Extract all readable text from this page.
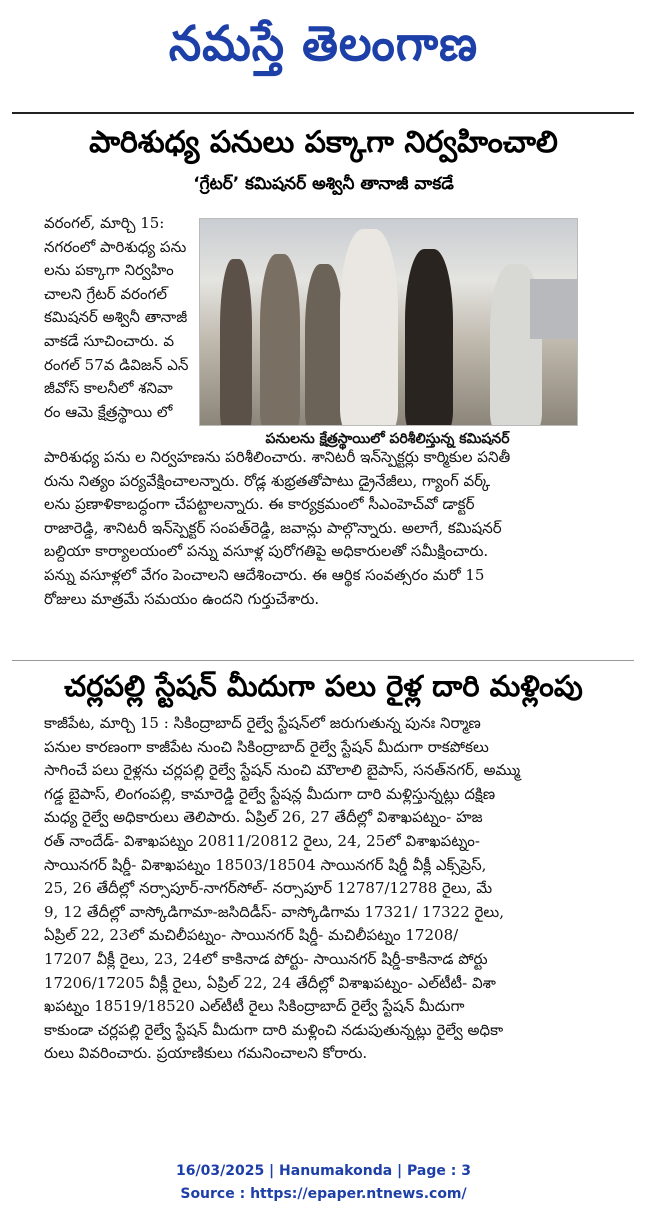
నమస్తే తెలంగాణ
పారిశుధ్య పనులు పక్కాగా నిర్వహించాలి
‘గ్రేటర్’ కమిషనర్ అశ్వినీ తానాజీ వాకడే

వరంగల్, మార్చి 15:

నగరంలో పారిశుధ్య పను

లను పక్కాగా నిర్వహిం

చాలని గ్రేటర్ వరంగల్

కమిషనర్ అశ్వినీ తానాజీ

వాకడే సూచించారు. వ

రంగల్ 57వ డివిజన్ ఎన్

జీవోస్ కాలనీలో శనివా

రం ఆమె క్షేత్రస్థాయి లో

పనులను క్షేత్రస్థాయిలో పరిశీలిస్తున్న కమిషనర్

పారిశుధ్య పను ల నిర్వహణను పరిశీలించారు. శానిటరీ ఇన్‌స్పెక్టర్లు కార్మికుల పనితీ

రును నిత్యం పర్యవేక్షించాలన్నారు. రోడ్ల శుభ్రతతోపాటు డ్రైనేజీలు, గ్యాంగ్ వర్క్

లను ప్రణాళికాబద్ధంగా చేపట్టాలన్నారు. ఈ కార్యక్రమంలో సీఎంహెచ్‌వో డాక్టర్

రాజారెడ్డి, శానిటరీ ఇన్‌స్పెక్టర్ సంపత్‌రెడ్డి, జవాన్లు పాల్గొన్నారు. అలాగే, కమిషనర్

బల్దియా కార్యాలయంలో పన్ను వసూళ్ల పురోగతిపై అధికారులతో సమీక్షించారు.

పన్ను వసూళ్లలో వేగం పెంచాలని ఆదేశించారు. ఈ ఆర్థిక సంవత్సరం మరో 15

రోజులు మాత్రమే సమయం ఉందని గుర్తుచేశారు.

చర్లపల్లి స్టేషన్ మీదుగా పలు రైళ్ల దారి మళ్లింపు

కాజీపేట, మార్చి 15 : సికింద్రాబాద్ రైల్వే స్టేషన్‌లో జరుగుతున్న పునః నిర్మాణ

పనుల కారణంగా కాజీపేట నుంచి సికింద్రాబాద్ రైల్వే స్టేషన్ మీదుగా రాకపోకలు

సాగించే పలు రైళ్లను చర్లపల్లి రైల్వే స్టేషన్ నుంచి మౌలాలి బైపాస్, సనత్‌నగర్, అమ్ము

గడ్డ బైపాస్, లింగంపల్లి, కామారెడ్డి రైల్వే స్టేషన్ల మీదుగా దారి మళ్లిస్తున్నట్లు దక్షిణ

మధ్య రైల్వే అధికారులు తెలిపారు. ఏప్రిల్ 26, 27 తేదీల్లో విశాఖపట్నం- హజ

రత్ నాందేడ్- విశాఖపట్నం 20811/20812 రైలు, 24, 25లో విశాఖపట్నం-

సాయినగర్ షిర్డీ- విశాఖపట్నం 18503/18504 సాయినగర్ షిర్డీ వీక్లీ ఎక్స్‌ప్రెస్,

25, 26 తేదీల్లో నర్సాపూర్-నాగర్‌సోల్- నర్సాపూర్ 12787/12788 రైలు, మే

9, 12 తేదీల్లో వాస్కోడిగామా-జసిదిడీస్- వాస్కోడిగామ 17321/ 17322 రైలు,

ఏప్రిల్ 22, 23లో మచిలీపట్నం- సాయినగర్ షిర్డీ- మచిలీపట్నం 17208/

17207 వీక్లీ రైలు, 23, 24లో కాకినాడ పోర్టు- సాయినగర్ షిర్డీ-కాకినాడ పోర్టు

17206/17205 వీక్లీ రైలు, ఏప్రిల్ 22, 24 తేదీల్లో విశాఖపట్నం- ఎల్‌టీటీ- విశా

ఖపట్నం 18519/18520 ఎల్‌టీటీ రైలు సికింద్రాబాద్ రైల్వే స్టేషన్ మీదుగా

కాకుండా చర్లపల్లి రైల్వే స్టేషన్ మీదుగా దారి మళ్లించి నడుపుతున్నట్లు రైల్వే అధికా

రులు వివరించారు. ప్రయాణికులు గమనించాలని కోరారు.

16/03/2025 | Hanumakonda | Page : 3
Source : https://epaper.ntnews.com/
